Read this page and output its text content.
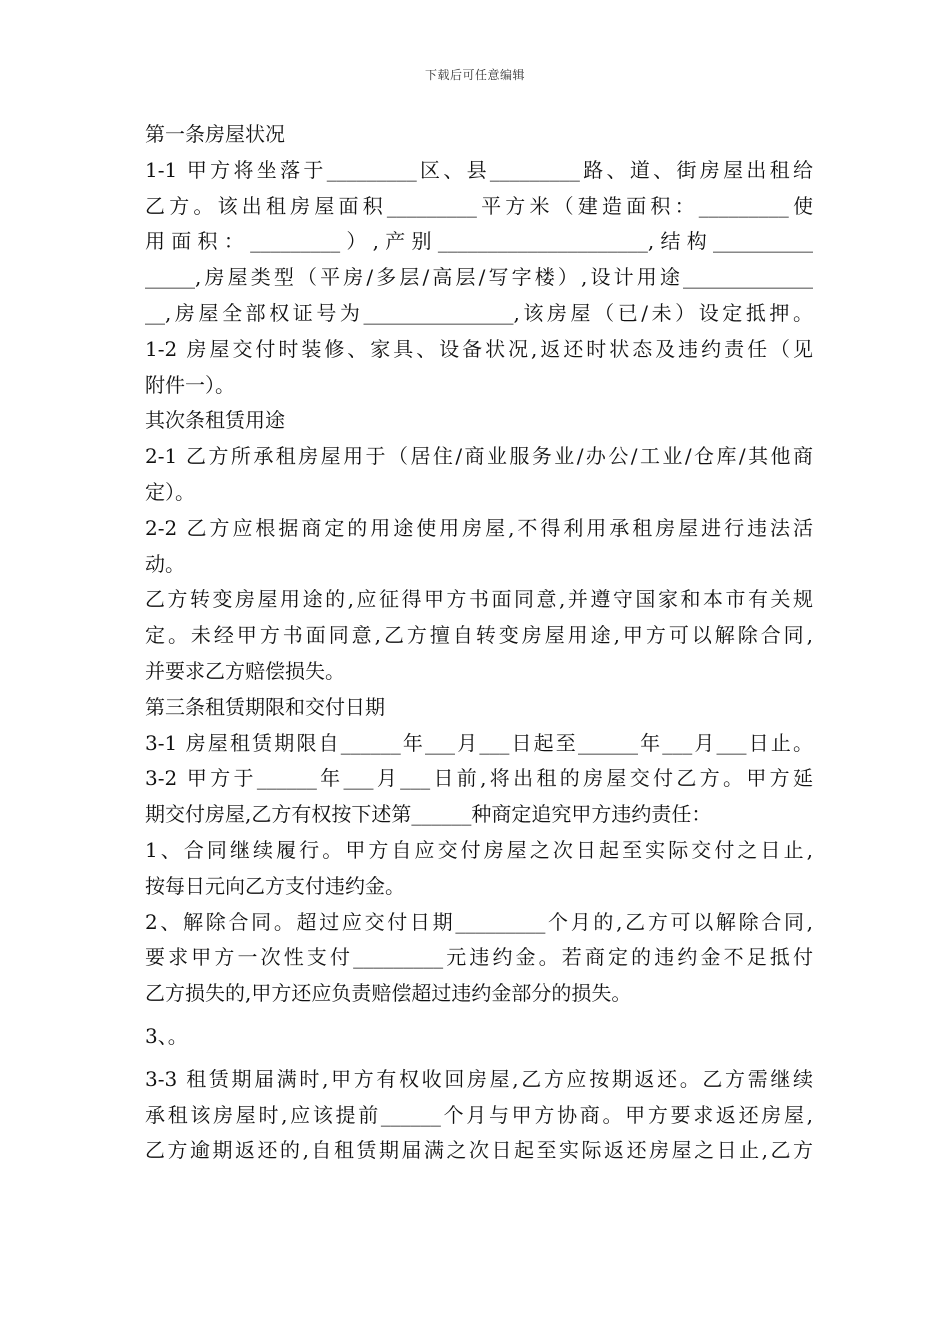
下载后可任意编辑
第一条房屋状况
1-1 甲方将坐落于_________区、县_________路、道、街房屋出租给
乙方。该出租房屋面积_________平方米（建造面积：_________使
用面积：_________）,产别_____________________,结构__________
_____,房屋类型（平房/多层/高层/写字楼）,设计用途_____________
__,房屋全部权证号为_______________,该房屋（已/未）设定抵押。
1-2 房屋交付时装修、家具、设备状况,返还时状态及违约责任（见
附件一）。
其次条租赁用途
2-1 乙方所承租房屋用于（居住/商业服务业/办公/工业/仓库/其他商
定）。
2-2 乙方应根据商定的用途使用房屋,不得利用承租房屋进行违法活
动。
乙方转变房屋用途的,应征得甲方书面同意,并遵守国家和本市有关规
定。未经甲方书面同意,乙方擅自转变房屋用途,甲方可以解除合同,
并要求乙方赔偿损失。
第三条租赁期限和交付日期
3-1 房屋租赁期限自______年___月___日起至______年___月___日止。
3-2 甲方于______年___月___日前,将出租的房屋交付乙方。甲方延
期交付房屋,乙方有权按下述第______种商定追究甲方违约责任：
1、合同继续履行。甲方自应交付房屋之次日起至实际交付之日止,
按每日元向乙方支付违约金。
2、解除合同。超过应交付日期_________个月的,乙方可以解除合同,
要求甲方一次性支付_________元违约金。若商定的违约金不足抵付
乙方损失的,甲方还应负责赔偿超过违约金部分的损失。
3、。
3-3 租赁期届满时,甲方有权收回房屋,乙方应按期返还。乙方需继续
承租该房屋时,应该提前______个月与甲方协商。甲方要求返还房屋,
乙方逾期返还的,自租赁期届满之次日起至实际返还房屋之日止,乙方
